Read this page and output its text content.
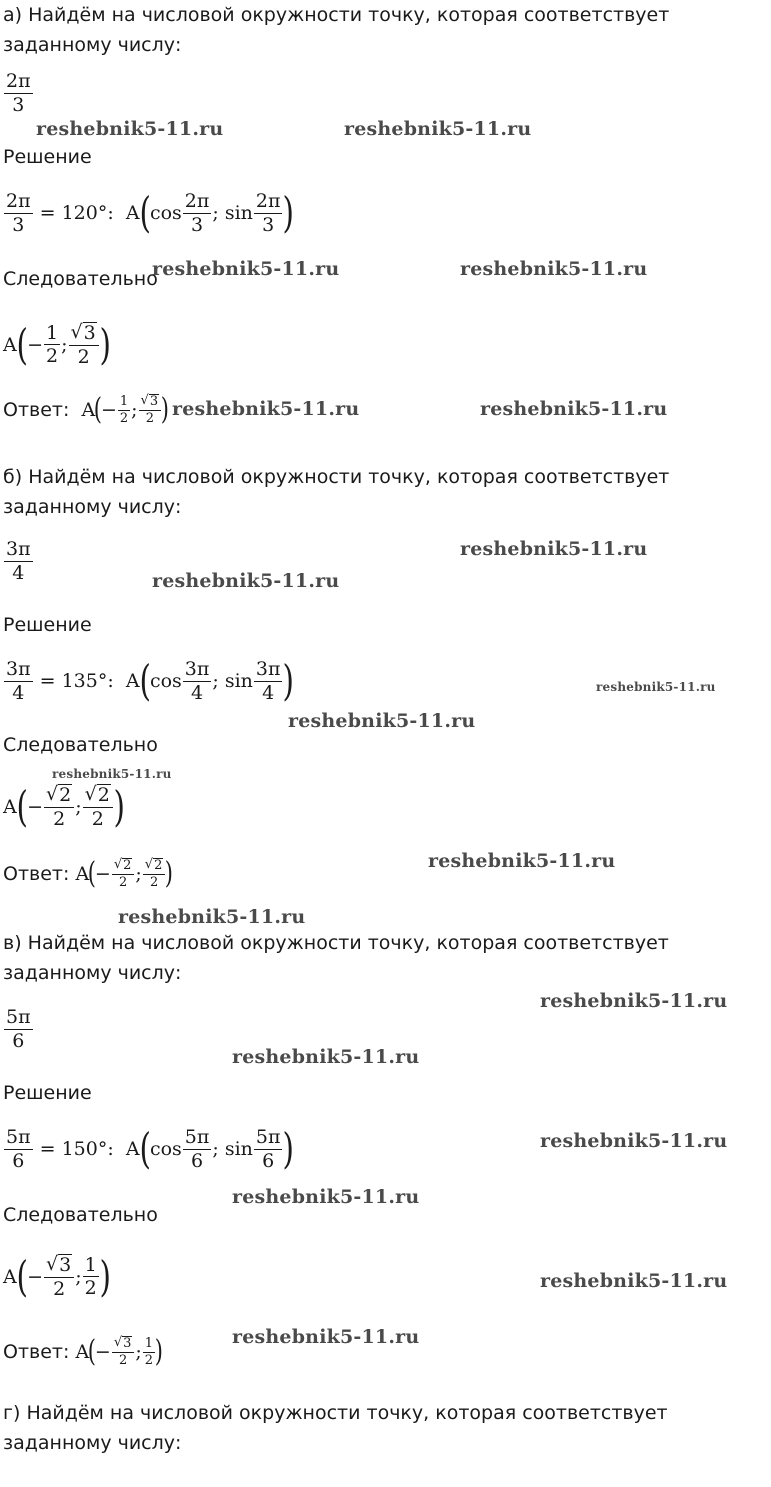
а) Найдём на числовой окружности точку, которая соответствует заданному числу:
$\frac{2\pi}{3}$
Решение
$\frac{2\pi}{3} = 120^\circ$ : A ( $\cos \frac{2\pi}{3}$ ; $\sin \frac{2\pi}{3}$ )
Следовательно
A ( − $\frac{1}{2}$ ; $\frac{√ 3}{2}$ )
Ответ:
A
(
− $\frac{1}{2}$ ; $\frac{√ 3}{2}$ )
б) Найдём на числовой окружности точку, которая соответствует заданному числу:
$\frac{3\pi}{4}$
Решение
$\frac{3\pi}{4} = 135^\circ$ : A ( $\cos \frac{3\pi}{4}$ ; $\sin \frac{3\pi}{4}$ )
Следовательно
A ( − $\frac{√ 2}{2}$ ; $\frac{√ 2}{2}$ )
Ответ:
A
(
− $\frac{√ 2}{2}$ ; $\frac{√ 2}{2}$ )
в) Найдём на числовой окружности точку, которая соответствует заданному числу:
$\frac{5\pi}{6}$
Решение
$\frac{5\pi}{6} = 150^\circ$ : A ( $\cos \frac{5\pi}{6}$ ; $\sin \frac{5\pi}{6}$ )
Следовательно
A ( − $\frac{√ 3}{2}$ ; $\frac{1}{2}$ )
Ответ:
A
(
− $\frac{√ 3}{2}$ ; $\frac{1}{2}$ )
г) Найдём на числовой окружности точку, которая соответствует заданному числу:
reshebnik5-11.ru	reshebnik5-11.ru
reshebnik5-11.ru	reshebnik5-11.ru
reshebnik5-11.ru	reshebnik5-11.ru
reshebnik5-11.ru
reshebnik5-11.ru
reshebnik5-11.ru
reshebnik5-11.ru
reshebnik5-11.ru
reshebnik5-11.ru
reshebnik5-11.ru
reshebnik5-11.ru
reshebnik5-11.ru
reshebnik5-11.ru
reshebnik5-11.ru
reshebnik5-11.ru
reshebnik5-11.ru
